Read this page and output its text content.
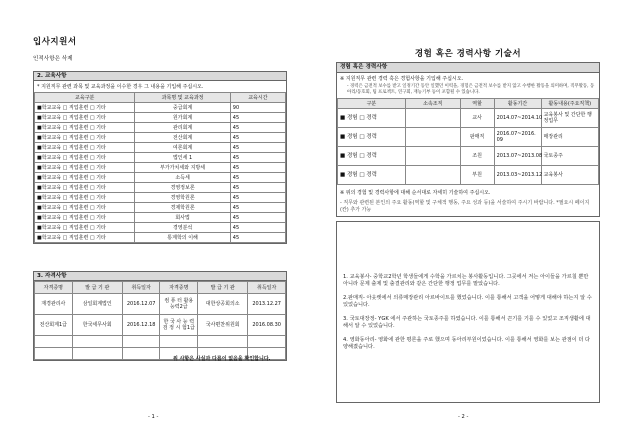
입사지원서
인적사항은 삭제
2. 교육사항
* 지원직무 관련 과목 및 교육과정을 이수한 경우 그 내용을 기입해 주십시오.
교육구분	과목명 및 교육과정	교육시간
■학교교육 □ 직업훈련 □ 기타	중급회계	90
■학교교육 □ 직업훈련 □ 기타	원가회계	45
■학교교육 □ 직업훈련 □ 기타	관리회계	45
■학교교육 □ 직업훈련 □ 기타	전산회계	45
■학교교육 □ 직업훈련 □ 기타	여론회계	45
■학교교육 □ 직업훈련 □ 기타	법인세 1	45
■학교교육 □ 직업훈련 □ 기타	부가가치세와 지방세	45
■학교교육 □ 직업훈련 □ 기타	소득세	45
■학교교육 □ 직업훈련 □ 기타	경영정보론	45
■학교교육 □ 직업훈련 □ 기타	경영학원론	45
■학교교육 □ 직업훈련 □ 기타	경제학원론	45
■학교교육 □ 직업훈련 □ 기타	회사법	45
■학교교육 □ 직업훈련 □ 기타	경영분석	45
■학교교육 □ 직업훈련 □ 기타	통계학의 이해	45
3. 자격사항
자격증명	발 급 기 관	취득일자	자격증명	발 급 기 관	취득일자
재경관리사	삼일회계법인	2016.12.07	컴 퓨 터 활용능력2급	대한상공회의소	2013.12.27
전산회계1급	한국세무사회	2016.12.18	한 국 사 능 력 검 정 시 험1급	국사편찬위원회	2016.08.30

위 사항은 사실과 다름이 없음을 확인합니다.
- 1 -
경험 혹은 경력사항 기술서
경험 혹은 경력사항
※ 지원직무 관련 경력 혹은 경험사항을 기입해 주십시오.
- 경력은 금전적 보수를 받고 일정기간 동안 일했던 이력을, 경험은 금전적 보수를 받지 않고 수행한 활동을 의미하며, 직무활동, 동아리/동호회, 팀 프로젝트, 연구회, 재능기부 등이 포함될 수 있습니다.
구분	소속조직	역할	활동기간	활동내용(주요직책)
■ 경험 □ 경력		교사	2014.07~2014.10	교육봉사 및 간단한 행정업무
■ 경험 □ 경력		판매직	2016.07~2016. 09	매장관리
■ 경험 □ 경력		조원	2013.07~2013.08	국토종주
■ 경험 □ 경력		부원	2013.03~2013.12	교육봉사
※ 위의 경험 및 경력사항에 대해 순서대로 자세히 기술하여 주십시오.
- 직무와 관련된 본인의 주요 활동(역할 및 구체적 행동, 주요 성과 등)을 서술하여 주시기 바랍니다. *필요시 페이지(칸) 추가 가능
1. 교육봉사- 중학교2학년 학생들에게 수학을 가르치는 봉사활동입니다. 그곳에서 저는 아이들을 가르칠 뿐만 아니라 문제 출제 및 출결관리와 같은 간단한 행정 업무를 맡았습니다.
2.판매직- 아웃렛에서 의류매장관리 아르바이트를 했었습니다. 이를 통해서 고객을 어떻게 대해야 하는지 알 수 있었습니다.
3. 국토대장정- YGK 에서 주관하는 국토종주를 하였습니다. 이를 통해서 끈기를 기를 수 있었고 조직생활에 대해서 알 수 있었습니다.
4. 영화동아리- 영화에 관한 평론을 주로 했으며 동아리부원이었습니다. 이를 통해서 영화를 보는 관점이 더 다양해졌습니다.
- 2 -
